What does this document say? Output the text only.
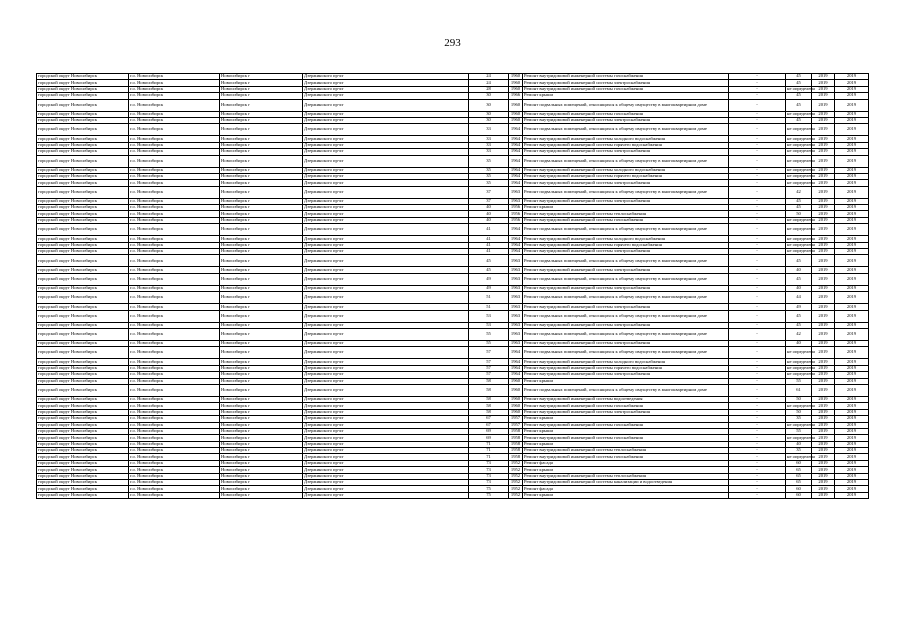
293
городской округ Новосибирск	г.о. Новосибирск	Новосибирск г	Дзержинского пр-кт	24	1960	Ремонт внутридомовой инженерной системы газоснабжения	-	45	2019	2019
городской округ Новосибирск	г.о. Новосибирск	Новосибирск г	Дзержинского пр-кт	24	1960	Ремонт внутридомовой инженерной системы электроснабжения	-	45	2019	2019
городской округ Новосибирск	г.о. Новосибирск	Новосибирск г	Дзержинского пр-кт	28	1960	Ремонт внутридомовой инженерной системы газоснабжения	-	не определена	2019	2019
городской округ Новосибирск	г.о. Новосибирск	Новосибирск г	Дзержинского пр-кт	30	1966	Ремонт крыши	-	45	2019	2019
городской округ Новосибирск	г.о. Новосибирск	Новосибирск г	Дзержинского пр-кт	30	1960	Ремонт подвальных помещений, относящихся к общему имуществу в многоквартирном доме	-	45	2019	2019
городской округ Новосибирск	г.о. Новосибирск	Новосибирск г	Дзержинского пр-кт	30	1960	Ремонт внутридомовой инженерной системы газоснабжения	-	не определена	2019	2019
городской округ Новосибирск	г.о. Новосибирск	Новосибирск г	Дзержинского пр-кт	30	1960	Ремонт внутридомовой инженерной системы электроснабжения	-	45	2019	2019
городской округ Новосибирск	г.о. Новосибирск	Новосибирск г	Дзержинского пр-кт	33	1964	Ремонт подвальных помещений, относящихся к общему имуществу в многоквартирном доме	-	не определена	2019	2019
городской округ Новосибирск	г.о. Новосибирск	Новосибирск г	Дзержинского пр-кт	33	1964	Ремонт внутридомовой инженерной системы холодного водоснабжения	-	не определена	2019	2019
городской округ Новосибирск	г.о. Новосибирск	Новосибирск г	Дзержинского пр-кт	33	1964	Ремонт внутридомовой инженерной системы горячего водоснабжения	-	не определена	2019	2019
городской округ Новосибирск	г.о. Новосибирск	Новосибирск г	Дзержинского пр-кт	33	1964	Ремонт внутридомовой инженерной системы электроснабжения	-	не определена	2019	2019
городской округ Новосибирск	г.о. Новосибирск	Новосибирск г	Дзержинского пр-кт	35	1964	Ремонт подвальных помещений, относящихся к общему имуществу в многоквартирном доме	-	не определена	2019	2019
городской округ Новосибирск	г.о. Новосибирск	Новосибирск г	Дзержинского пр-кт	35	1964	Ремонт внутридомовой инженерной системы холодного водоснабжения	-	не определена	2019	2019
городской округ Новосибирск	г.о. Новосибирск	Новосибирск г	Дзержинского пр-кт	35	1964	Ремонт внутридомовой инженерной системы горячего водоснабжения	-	не определена	2019	2019
городской округ Новосибирск	г.о. Новосибирск	Новосибирск г	Дзержинского пр-кт	35	1964	Ремонт внутридомовой инженерной системы электроснабжения	-	не определена	2019	2019
городской округ Новосибирск	г.о. Новосибирск	Новосибирск г	Дзержинского пр-кт	37	1963	Ремонт подвальных помещений, относящихся к общему имуществу в многоквартирном доме	-	42	2019	2019
городской округ Новосибирск	г.о. Новосибирск	Новосибирск г	Дзержинского пр-кт	37	1963	Ремонт внутридомовой инженерной системы электроснабжения	-	45	2019	2019
городской округ Новосибирск	г.о. Новосибирск	Новосибирск г	Дзержинского пр-кт	40	1956	Ремонт крыши	-	45	2019	2019
городской округ Новосибирск	г.о. Новосибирск	Новосибирск г	Дзержинского пр-кт	40	1956	Ремонт внутридомовой инженерной системы теплоснабжения	-	50	2019	2019
городской округ Новосибирск	г.о. Новосибирск	Новосибирск г	Дзержинского пр-кт	40	1956	Ремонт внутридомовой инженерной системы газоснабжения	-	не определена	2019	2019
городской округ Новосибирск	г.о. Новосибирск	Новосибирск г	Дзержинского пр-кт	41	1964	Ремонт подвальных помещений, относящихся к общему имуществу в многоквартирном доме	-	не определена	2019	2019
городской округ Новосибирск	г.о. Новосибирск	Новосибирск г	Дзержинского пр-кт	41	1964	Ремонт внутридомовой инженерной системы холодного водоснабжения	-	не определена	2019	2019
городской округ Новосибирск	г.о. Новосибирск	Новосибирск г	Дзержинского пр-кт	41	1964	Ремонт внутридомовой инженерной системы горячего водоснабжения	-	не определена	2019	2019
городской округ Новосибирск	г.о. Новосибирск	Новосибирск г	Дзержинского пр-кт	41	1964	Ремонт внутридомовой инженерной системы электроснабжения	-	не определена	2019	2019
городской округ Новосибирск	г.о. Новосибирск	Новосибирск г	Дзержинского пр-кт	45	1963	Ремонт подвальных помещений, относящихся к общему имуществу в многоквартирном доме	-	45	2019	2019
городской округ Новосибирск	г.о. Новосибирск	Новосибирск г	Дзержинского пр-кт	45	1963	Ремонт внутридомовой инженерной системы электроснабжения	-	40	2019	2019
городской округ Новосибирск	г.о. Новосибирск	Новосибирск г	Дзержинского пр-кт	49	1963	Ремонт подвальных помещений, относящихся к общему имуществу в многоквартирном доме	-	45	2019	2019
городской округ Новосибирск	г.о. Новосибирск	Новосибирск г	Дзержинского пр-кт	49	1963	Ремонт внутридомовой инженерной системы электроснабжения	-	40	2019	2019
городской округ Новосибирск	г.о. Новосибирск	Новосибирск г	Дзержинского пр-кт	51	1963	Ремонт подвальных помещений, относящихся к общему имуществу в многоквартирном доме	-	44	2019	2019
городской округ Новосибирск	г.о. Новосибирск	Новосибирск г	Дзержинского пр-кт	51	1963	Ремонт внутридомовой инженерной системы электроснабжения	-	49	2019	2019
городской округ Новосибирск	г.о. Новосибирск	Новосибирск г	Дзержинского пр-кт	53	1963	Ремонт подвальных помещений, относящихся к общему имуществу в многоквартирном доме	-	45	2019	2019
городской округ Новосибирск	г.о. Новосибирск	Новосибирск г	Дзержинского пр-кт	53	1963	Ремонт внутридомовой инженерной системы электроснабжения	-	45	2019	2019
городской округ Новосибирск	г.о. Новосибирск	Новосибирск г	Дзержинского пр-кт	55	1963	Ремонт подвальных помещений, относящихся к общему имуществу в многоквартирном доме	-	42	2019	2019
городской округ Новосибирск	г.о. Новосибирск	Новосибирск г	Дзержинского пр-кт	55	1963	Ремонт внутридомовой инженерной системы электроснабжения	-	40	2019	2019
городской округ Новосибирск	г.о. Новосибирск	Новосибирск г	Дзержинского пр-кт	57	1964	Ремонт подвальных помещений, относящихся к общему имуществу в многоквартирном доме	-	не определена	2019	2019
городской округ Новосибирск	г.о. Новосибирск	Новосибирск г	Дзержинского пр-кт	57	1964	Ремонт внутридомовой инженерной системы холодного водоснабжения	-	не определена	2019	2019
городской округ Новосибирск	г.о. Новосибирск	Новосибирск г	Дзержинского пр-кт	57	1964	Ремонт внутридомовой инженерной системы горячего водоснабжения	-	не определена	2019	2019
городской округ Новосибирск	г.о. Новосибирск	Новосибирск г	Дзержинского пр-кт	57	1964	Ремонт внутридомовой инженерной системы электроснабжения	-	не определена	2019	2019
городской округ Новосибирск	г.о. Новосибирск	Новосибирск г	Дзержинского пр-кт	58	1960	Ремонт крыши	-	55	2019	2019
городской округ Новосибирск	г.о. Новосибирск	Новосибирск г	Дзержинского пр-кт	58	1960	Ремонт подвальных помещений, относящихся к общему имуществу в многоквартирном доме	-	61	2019	2019
городской округ Новосибирск	г.о. Новосибирск	Новосибирск г	Дзержинского пр-кт	58	1960	Ремонт внутридомовой инженерной системы водоотведения	-	50	2019	2019
городской округ Новосибирск	г.о. Новосибирск	Новосибирск г	Дзержинского пр-кт	58	1960	Ремонт внутридомовой инженерной системы газоснабжения	-	не определена	2019	2019
городской округ Новосибирск	г.о. Новосибирск	Новосибирск г	Дзержинского пр-кт	58	1960	Ремонт внутридомовой инженерной системы электроснабжения	-	50	2019	2019
городской округ Новосибирск	г.о. Новосибирск	Новосибирск г	Дзержинского пр-кт	67	1957	Ремонт крыши	-	35	2019	2019
городской округ Новосибирск	г.о. Новосибирск	Новосибирск г	Дзержинского пр-кт	67	1957	Ремонт внутридомовой инженерной системы газоснабжения	-	не определена	2019	2019
городской округ Новосибирск	г.о. Новосибирск	Новосибирск г	Дзержинского пр-кт	69	1958	Ремонт крыши	-	55	2019	2019
городской округ Новосибирск	г.о. Новосибирск	Новосибирск г	Дзержинского пр-кт	69	1958	Ремонт внутридомовой инженерной системы газоснабжения	-	не определена	2019	2019
городской округ Новосибирск	г.о. Новосибирск	Новосибирск г	Дзержинского пр-кт	71	1958	Ремонт крыши	-	40	2019	2019
городской округ Новосибирск	г.о. Новосибирск	Новосибирск г	Дзержинского пр-кт	71	1958	Ремонт внутридомовой инженерной системы теплоснабжения	-	35	2019	2019
городской округ Новосибирск	г.о. Новосибирск	Новосибирск г	Дзержинского пр-кт	71	1958	Ремонт внутридомовой инженерной системы газоснабжения	-	не определена	2019	2019
городской округ Новосибирск	г.о. Новосибирск	Новосибирск г	Дзержинского пр-кт	73	1952	Ремонт фасада	-	60	2019	2019
городской округ Новосибирск	г.о. Новосибирск	Новосибирск г	Дзержинского пр-кт	73	1952	Ремонт крыши	-	65	2019	2019
городской округ Новосибирск	г.о. Новосибирск	Новосибирск г	Дзержинского пр-кт	73	1952	Ремонт внутридомовой инженерной системы теплоснабжения	-	65	2019	2019
городской округ Новосибирск	г.о. Новосибирск	Новосибирск г	Дзержинского пр-кт	73	1952	Ремонт внутридомовой инженерной системы канализации и водоотведения	-	65	2019	2019
городской округ Новосибирск	г.о. Новосибирск	Новосибирск г	Дзержинского пр-кт	75	1952	Ремонт фасада	-	60	2019	2019
городской округ Новосибирск	г.о. Новосибирск	Новосибирск г	Дзержинского пр-кт	75	1952	Ремонт крыши	-	60	2019	2019
